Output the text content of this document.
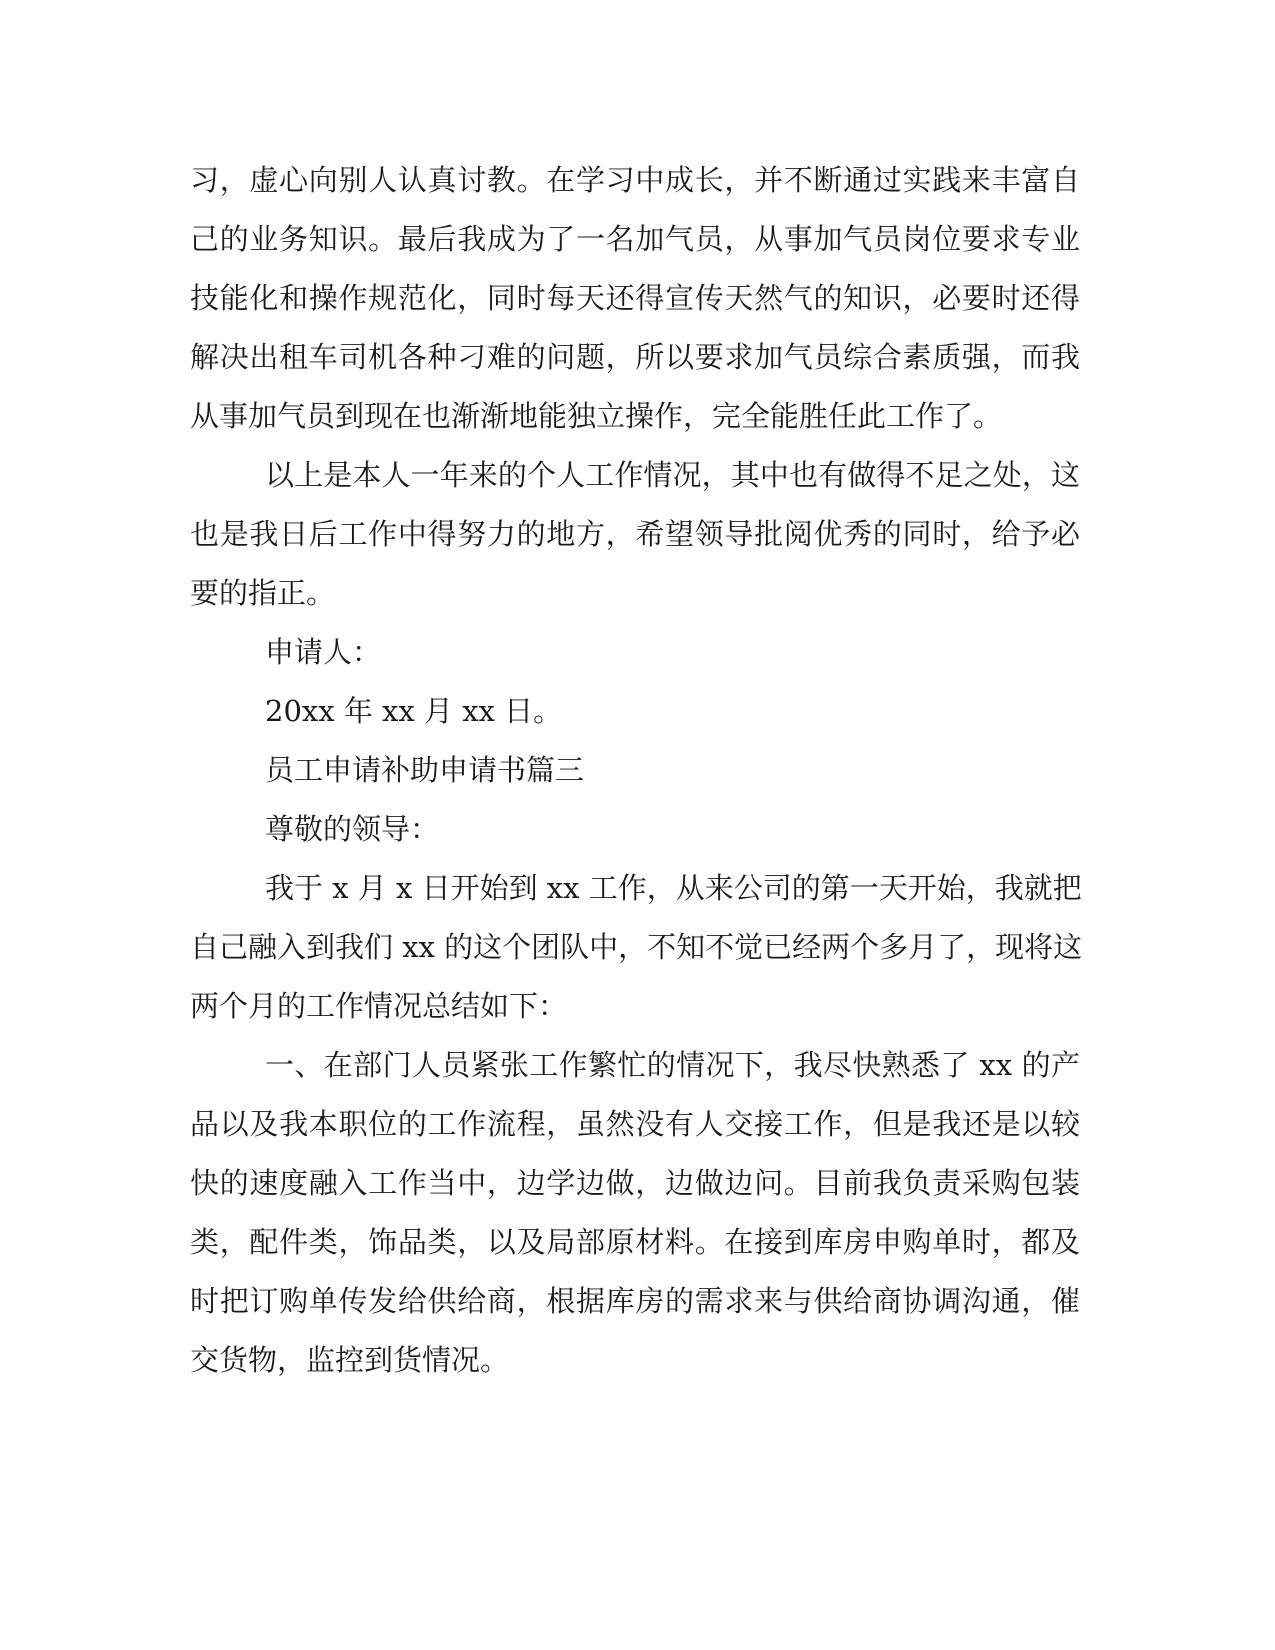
习，虚心向别人认真讨教。在学习中成长，并不断通过实践来丰富自
己的业务知识。最后我成为了一名加气员，从事加气员岗位要求专业
技能化和操作规范化，同时每天还得宣传天然气的知识，必要时还得
解决出租车司机各种刁难的问题，所以要求加气员综合素质强，而我
从事加气员到现在也渐渐地能独立操作，完全能胜任此工作了。
以上是本人一年来的个人工作情况，其中也有做得不足之处，这
也是我日后工作中得努力的地方，希望领导批阅优秀的同时，给予必
要的指正。
申请人：
20xx 年 xx 月 xx 日。
员工申请补助申请书篇三
尊敬的领导：
我于 x 月 x 日开始到 xx 工作，从来公司的第一天开始，我就把
自己融入到我们 xx 的这个团队中，不知不觉已经两个多月了，现将这
两个月的工作情况总结如下：
一、在部门人员紧张工作繁忙的情况下，我尽快熟悉了 xx 的产
品以及我本职位的工作流程，虽然没有人交接工作，但是我还是以较
快的速度融入工作当中，边学边做，边做边问。目前我负责采购包装
类，配件类，饰品类，以及局部原材料。在接到库房申购单时，都及
时把订购单传发给供给商，根据库房的需求来与供给商协调沟通，催
交货物，监控到货情况。
